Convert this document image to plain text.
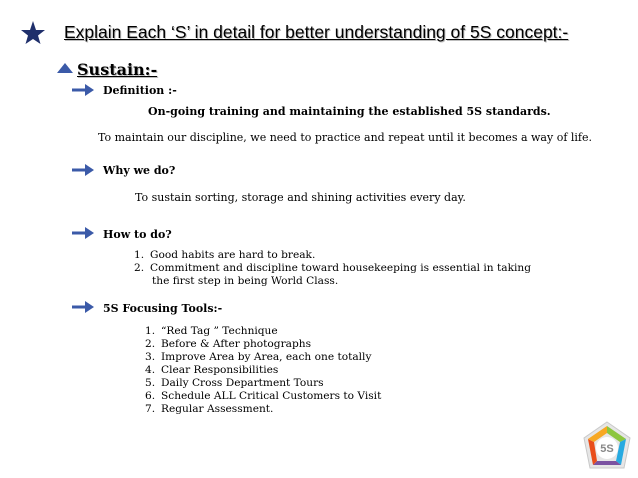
Explain Each ‘S’ in detail for better understanding of 5S concept:-
Sustain:-
Definition :-
On-going training and maintaining the established 5S standards.
To maintain our discipline, we need to practice and repeat until it becomes a way of life.
Why we do?
To sustain sorting, storage and shining activities every day.
How to do?
1. Good habits are hard to break.
2. Commitment and discipline toward housekeeping is essential in taking
the first step in being World Class.
5S Focusing Tools:-
1. “Red Tag ” Technique
2. Before & After photographs
3. Improve Area by Area, each one totally
4. Clear Responsibilities
5. Daily Cross Department Tours
6. Schedule ALL Critical Customers to Visit
7. Regular Assessment.
5S
